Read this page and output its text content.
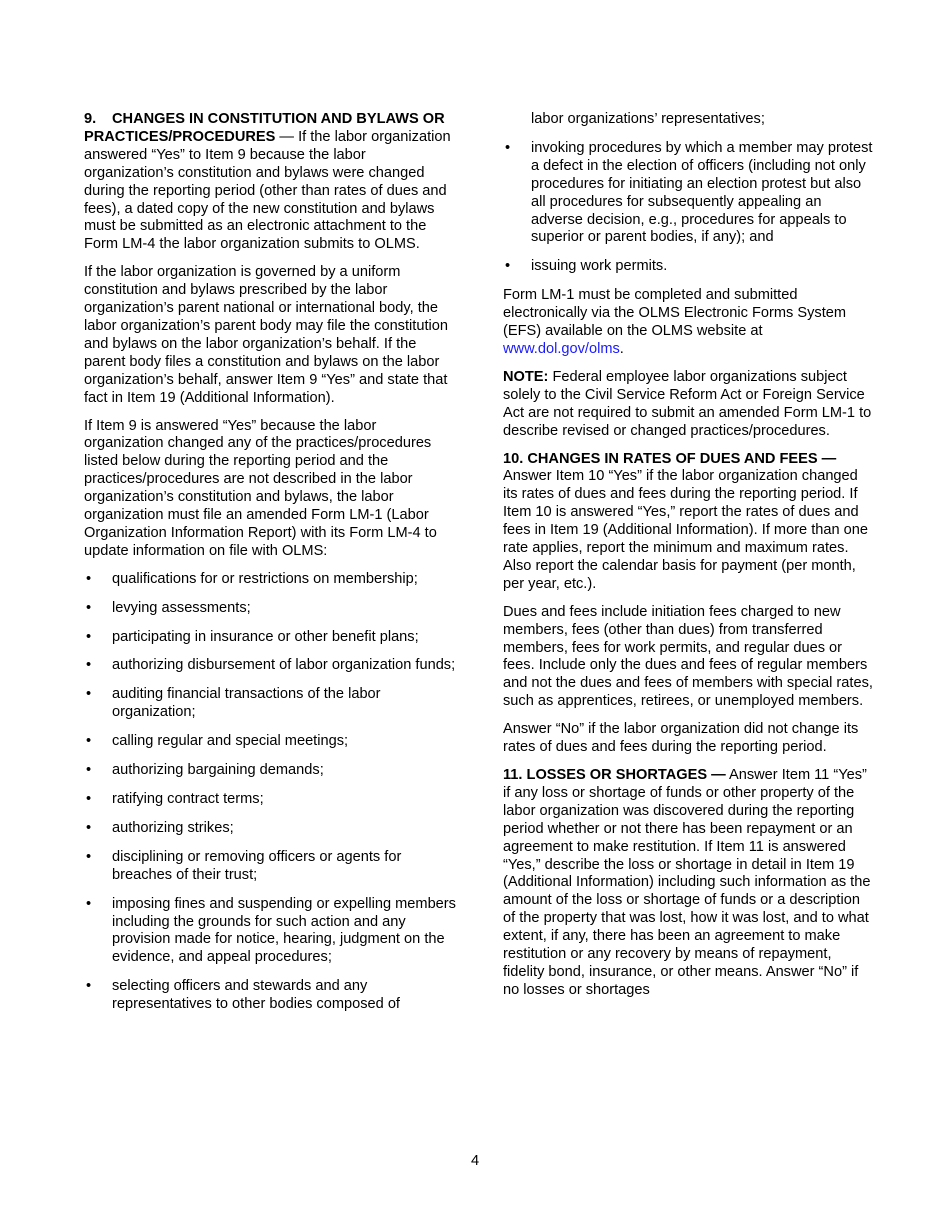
9. CHANGES IN CONSTITUTION AND BYLAWS OR PRACTICES/PROCEDURES — If the labor organization answered “Yes” to Item 9 because the labor organization’s constitution and bylaws were changed during the reporting period (other than rates of dues and fees), a dated copy of the new constitution and bylaws must be submitted as an electronic attachment to the Form LM-4 the labor organization submits to OLMS.

If the labor organization is governed by a uniform constitution and bylaws prescribed by the labor organization’s parent national or international body, the labor organization’s parent body may file the constitution and bylaws on the labor organization’s behalf. If the parent body files a constitution and bylaws on the labor organization’s behalf, answer Item 9 “Yes” and state that fact in Item 19 (Additional Information).

If Item 9 is answered “Yes” because the labor organization changed any of the practices/procedures listed below during the reporting period and the practices/procedures are not described in the labor organization’s constitution and bylaws, the labor organization must file an amended Form LM-1 (Labor Organization Information Report) with its Form LM-4 to update information on file with OLMS:

• qualifications for or restrictions on membership;
• levying assessments;
• participating in insurance or other benefit plans;
• authorizing disbursement of labor organization funds;
• auditing financial transactions of the labor organization;
• calling regular and special meetings;
• authorizing bargaining demands;
• ratifying contract terms;
• authorizing strikes;
• disciplining or removing officers or agents for breaches of their trust;
• imposing fines and suspending or expelling members including the grounds for such action and any provision made for notice, hearing, judgment on the evidence, and appeal procedures;
• selecting officers and stewards and any representatives to other bodies composed of
labor organizations’ representatives;
• invoking procedures by which a member may protest a defect in the election of officers (including not only procedures for initiating an election protest but also all procedures for subsequently appealing an adverse decision, e.g., procedures for appeals to superior or parent bodies, if any); and
• issuing work permits.

Form LM-1 must be completed and submitted electronically via the OLMS Electronic Forms System (EFS) available on the OLMS website at www.dol.gov/olms.

NOTE: Federal employee labor organizations subject solely to the Civil Service Reform Act or Foreign Service Act are not required to submit an amended Form LM-1 to describe revised or changed practices/procedures.

10. CHANGES IN RATES OF DUES AND FEES — Answer Item 10 “Yes” if the labor organization changed its rates of dues and fees during the reporting period. If Item 10 is answered “Yes,” report the rates of dues and fees in Item 19 (Additional Information). If more than one rate applies, report the minimum and maximum rates. Also report the calendar basis for payment (per month, per year, etc.).

Dues and fees include initiation fees charged to new members, fees (other than dues) from transferred members, fees for work permits, and regular dues or fees. Include only the dues and fees of regular members and not the dues and fees of members with special rates, such as apprentices, retirees, or unemployed members.

Answer “No” if the labor organization did not change its rates of dues and fees during the reporting period.

11. LOSSES OR SHORTAGES — Answer Item 11 “Yes” if any loss or shortage of funds or other property of the labor organization was discovered during the reporting period whether or not there has been repayment or an agreement to make restitution. If Item 11 is answered “Yes,” describe the loss or shortage in detail in Item 19 (Additional Information) including such information as the amount of the loss or shortage of funds or a description of the property that was lost, how it was lost, and to what extent, if any, there has been an agreement to make restitution or any recovery by means of repayment, fidelity bond, insurance, or other means. Answer “No” if no losses or shortages

4
